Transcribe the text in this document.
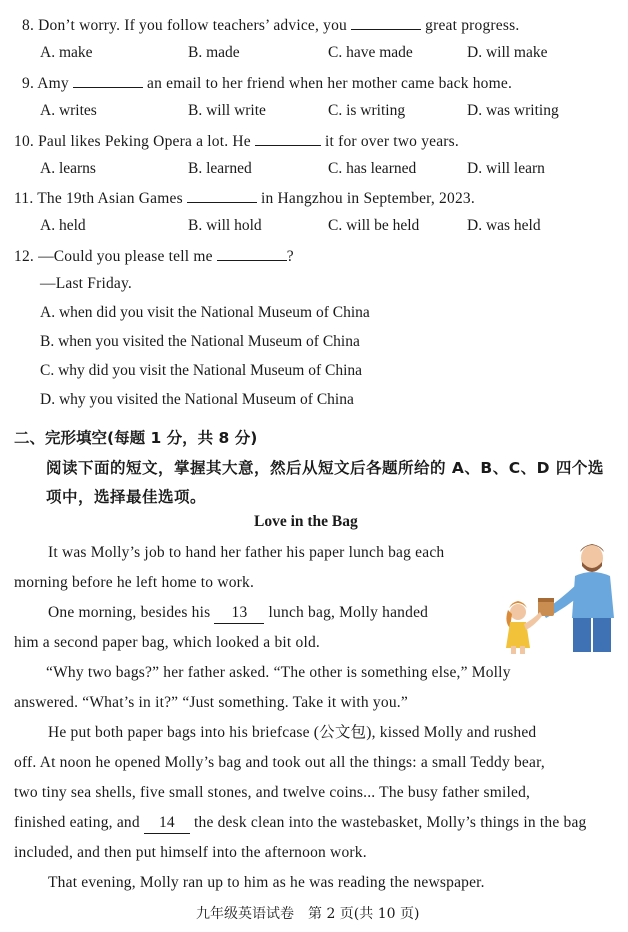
8. Don’t worry. If you follow teachers’ advice, you	great progress.
A. make	B. made	C. have made	D. will make
9. Amy	an email to her friend when her mother came back home.
A. writes	B. will write	C. is writing	D. was writing
10. Paul likes Peking Opera a lot. He	it for over two years.
A. learns	B. learned	C. has learned	D. will learn
11. The 19th Asian Games	in Hangzhou in September, 2023.
A. held	B. will hold	C. will be held	D. was held
12. —Could you please tell me	?
—Last Friday.
A. when did you visit the National Museum of China
B. when you visited the National Museum of China
C. why did you visit the National Museum of China
D. why you visited the National Museum of China
二、完形填空(每题 1 分，共 8 分)
阅读下面的短文，掌握其大意，然后从短文后各题所给的 A、B、C、D 四个选
项中，选择最佳选项。
Love in the Bag
It was Molly’s job to hand her father his paper lunch bag each
morning before he left home to work.
One morning, besides his 13 lunch bag, Molly handed
him a second paper bag, which looked a bit old.
“Why two bags?” her father asked. “The other is something else,” Molly
answered. “What’s in it?” “Just something. Take it with you.”
He put both paper bags into his briefcase (公文包), kissed Molly and rushed
off. At noon he opened Molly’s bag and took out all the things: a small Teddy bear,
two tiny sea shells, five small stones, and twelve coins... The busy father smiled,
finished eating, and 14 the desk clean into the wastebasket, Molly’s things in the bag
included, and then put himself into the afternoon work.
That evening, Molly ran up to him as he was reading the newspaper.
九年级英语试卷　第 2 页(共 10 页)
